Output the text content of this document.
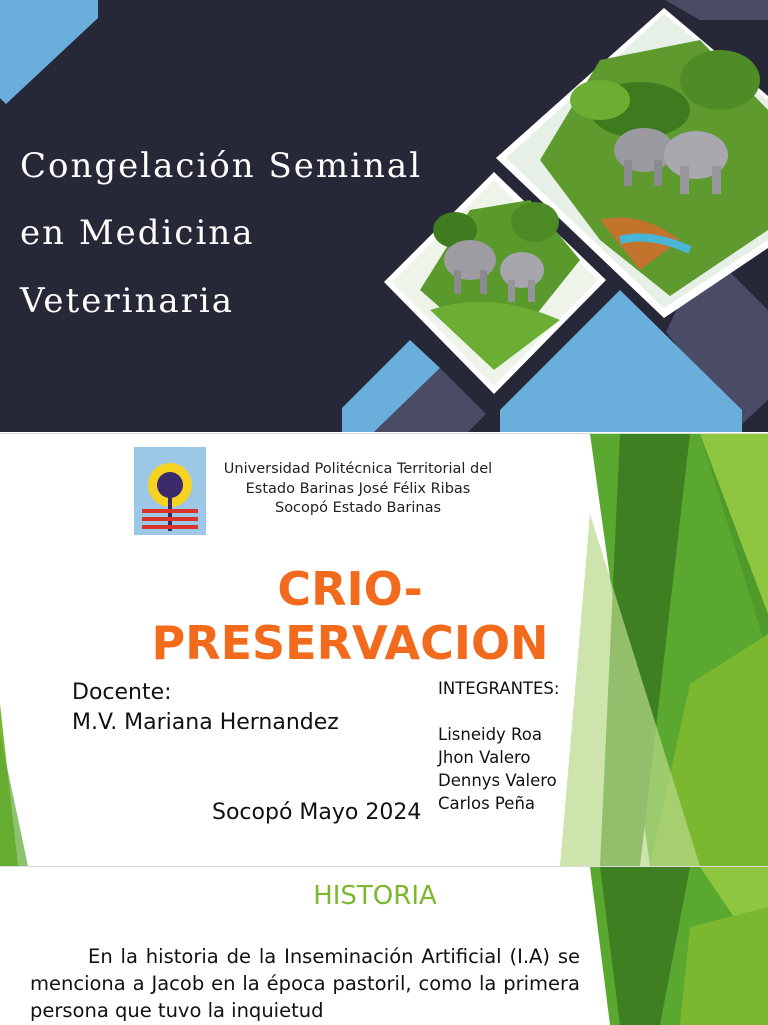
Congelación Seminal
en Medicina
Veterinaria
Universidad Politécnica Territorial del
Estado Barinas José Félix Ribas
Socopó Estado Barinas
CRIO-
PRESERVACION
Docente:
M.V. Mariana Hernandez
INTEGRANTES:
Lisneidy Roa
Jhon Valero
Dennys Valero
Carlos Peña
Socopó Mayo 2024
HISTORIA
En la historia de la Inseminación Artificial (I.A) se menciona a Jacob en la época pastoril, como la primera persona que tuvo la inquietud
